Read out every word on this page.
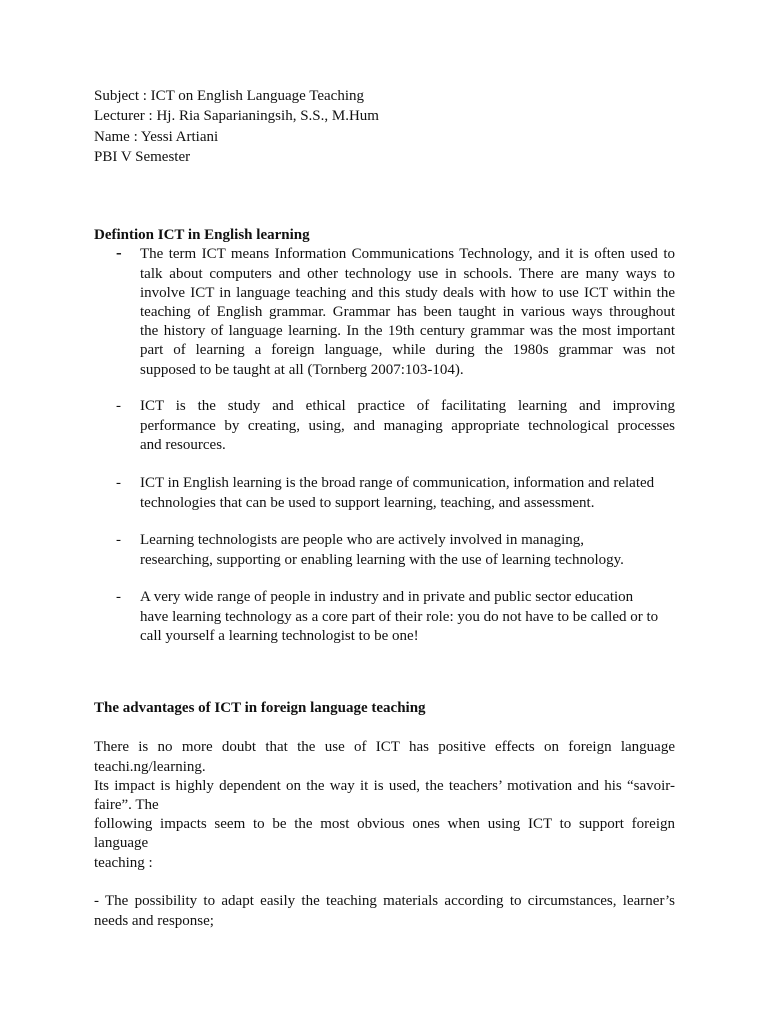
Subject : ICT on English Language Teaching
Lecturer : Hj. Ria Saparianingsih, S.S., M.Hum
Name : Yessi Artiani
PBI V Semester
Defintion ICT in English learning
- The term ICT means Information Communications Technology, and it is often used to
talk about computers and other technology use in schools. There are many ways to
involve ICT in language teaching and this study deals with how to use ICT within the
teaching of English grammar. Grammar has been taught in various ways throughout
the history of language learning. In the 19th century grammar was the most important
part of learning a foreign language, while during the 1980s grammar was not
supposed to be taught at all (Tornberg 2007:103-104).
- ICT is the study and ethical practice of facilitating learning and improving
performance by creating, using, and managing appropriate technological processes
and resources.
- ICT in English learning is the broad range of communication, information and related
technologies that can be used to support learning, teaching, and assessment.
- Learning technologists are people who are actively involved in managing,
researching, supporting or enabling learning with the use of learning technology.
- A very wide range of people in industry and in private and public sector education
have learning technology as a core part of their role: you do not have to be called or to
call yourself a learning technologist to be one!
The advantages of ICT in foreign language teaching
There is no more doubt that the use of ICT has positive effects on foreign language
teachi.ng/learning.
Its impact is highly dependent on the way it is used, the teachers’ motivation and his “savoir-
faire”. The
following impacts seem to be the most obvious ones when using ICT to support foreign
language
teaching :
- The possibility to adapt easily the teaching materials according to circumstances, learner’s
needs and response;
